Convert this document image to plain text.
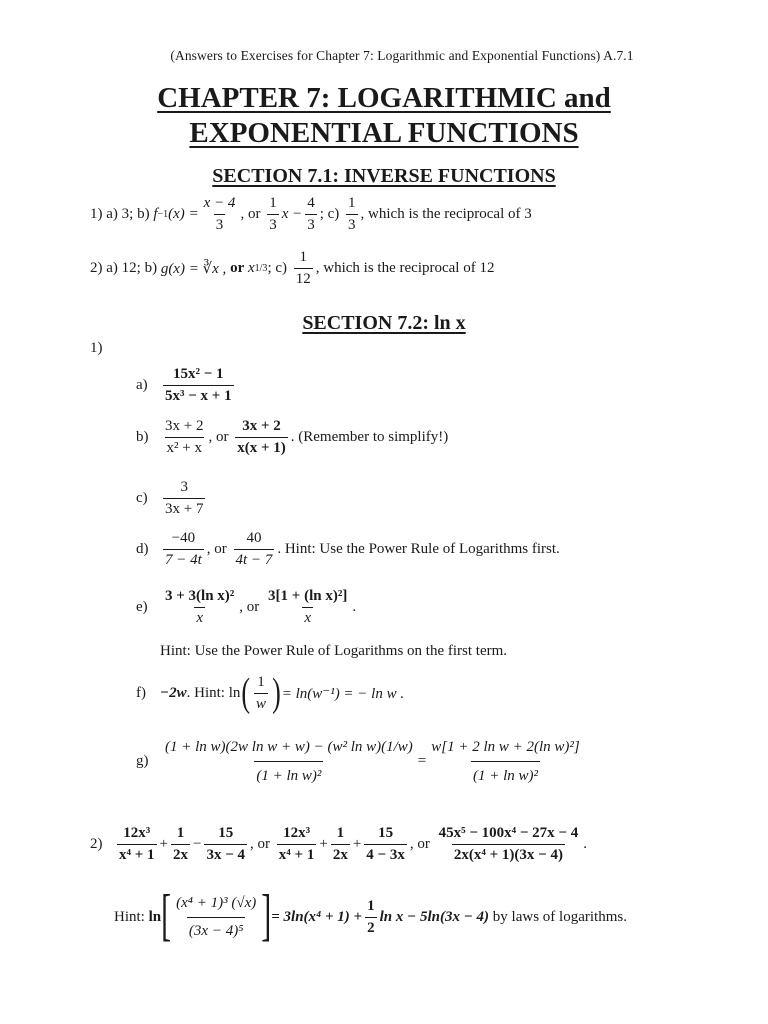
(Answers to Exercises for Chapter 7: Logarithmic and Exponential Functions) A.7.1
CHAPTER 7: LOGARITHMIC and
EXPONENTIAL FUNCTIONS
SECTION 7.1: INVERSE FUNCTIONS
1) a) 3; b)
f −1 $(x) = \frac{x - 4}{3}$ , or
$\frac{1}{3}$ $x - \frac{4}{3}$ ; c)
$\frac{1}{3}$ , which is the reciprocal of 3
2) a) 12; b)
g(x) = ∛x ,
or
x 1/3 ; c)
$\frac{1}{12}$ , which is the reciprocal of 12
SECTION 7.2: ln x
1)
a)	$\frac{\text{15x² − 1}}{\text{5x³ − x + 1}}$
$b) \frac{3x + 2}{\text{x² + x}}$ , or
$\frac{3x + 2}{x(x + 1)}$ . (Remember to simplify!)
c)	$\frac{3}{3x + 7}$
$d) \frac{-40}{7 - 4t}$ , or
$\frac{40}{4t - 7}$ . Hint: Use the Power Rule of Logarithms first.
e)	$\frac{\text{3 + 3(ln x)²}}{x}$ , or
$\frac{\text{3[1 + (ln x)²]}}{x}$ .
Hint: Use the Power Rule of Logarithms on the first term.
f) −2w . Hint: ln ( $\frac{1}{w}$ ) = ln(w⁻¹) = − ln w .
$g) \frac{\text{(1 + ln w)(2w ln w + w) − (w² ln w)(1/w)}}{\text{(1 + ln w)²}} = \frac{\text{w[1 + 2 ln w + 2(ln w)²]}}{\text{(1 + ln w)²}}$
$2) \frac{\text{12x³}}{\text{x⁴ + 1}} + \frac{1}{2x} - \frac{15}{3x - 4}$ , or
$\frac{\text{12x³}}{\text{x⁴ + 1}} + \frac{1}{2x} + \frac{15}{4 - 3x}$ , or
$\frac{\text{45x⁵ − 100x⁴ − 27x − 4}}{\text{2x(x⁴ + 1)(3x − 4)}}$ .
Hint:
ln [ $\frac{\text{(x⁴ + 1)³ (√x)}}{\text{(3x − 4)⁵}}$ ] = $3\ln(x^4 + 1) + \frac{1}{2}$ ln x − 5ln(3x − 4)
by laws of logarithms.
